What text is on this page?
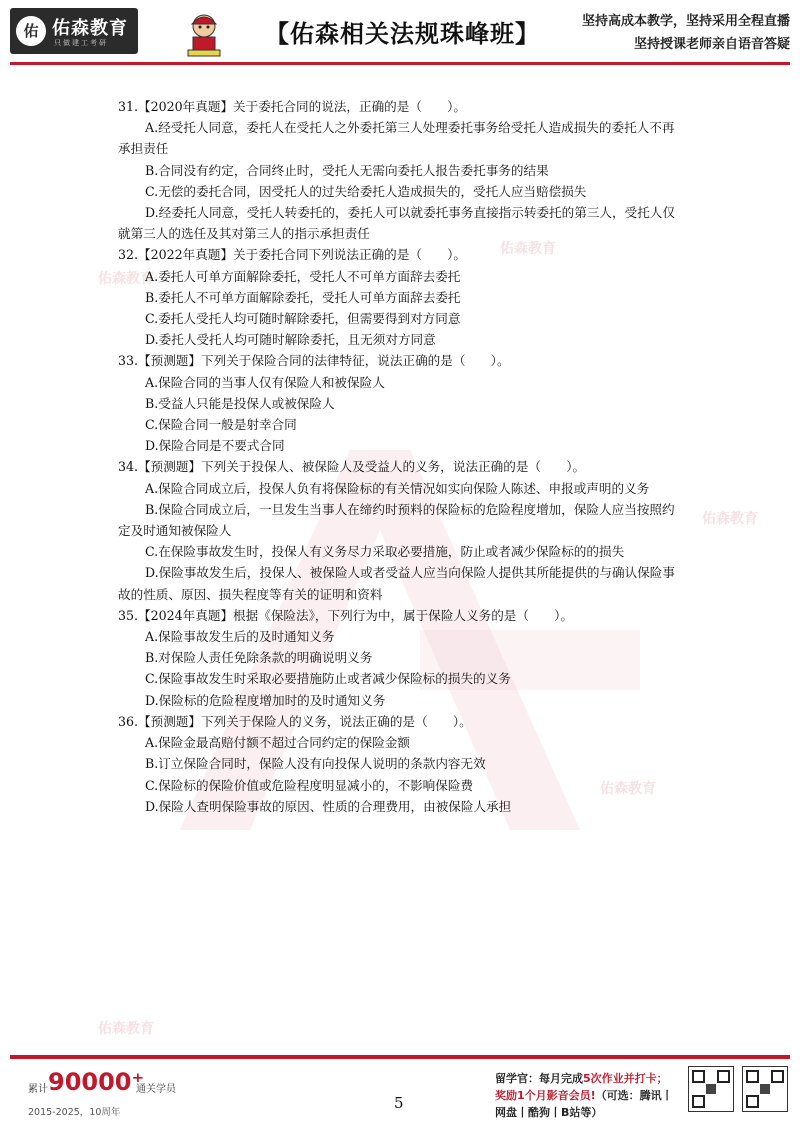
佑 佑森教育
只做建工考研	【佑森相关法规珠峰班】	坚持高成本教学，坚持采用全程直播
坚持授课老师亲自语音答疑
佑森教育
佑森教育
佑森教育
佑森教育
佑森教育

31.【2020年真题】关于委托合同的说法，正确的是（　　）。

A.经受托人同意，委托人在受托人之外委托第三人处理委托事务给受托人造成损失的委托人不再承担责任

B.合同没有约定，合同终止时，受托人无需向委托人报告委托事务的结果

C.无偿的委托合同，因受托人的过失给委托人造成损失的，受托人应当赔偿损失

D.经委托人同意，受托人转委托的，委托人可以就委托事务直接指示转委托的第三人，受托人仅就第三人的选任及其对第三人的指示承担责任

32.【2022年真题】关于委托合同下列说法正确的是（　　）。

A.委托人可单方面解除委托，受托人不可单方面辞去委托

B.委托人不可单方面解除委托，受托人可单方面辞去委托

C.委托人受托人均可随时解除委托，但需要得到对方同意

D.委托人受托人均可随时解除委托，且无须对方同意

33.【预测题】下列关于保险合同的法律特征，说法正确的是（　　）。

A.保险合同的当事人仅有保险人和被保险人

B.受益人只能是投保人或被保险人

C.保险合同一般是射幸合同

D.保险合同是不要式合同

34.【预测题】下列关于投保人、被保险人及受益人的义务，说法正确的是（　　）。

A.保险合同成立后，投保人负有将保险标的有关情况如实向保险人陈述、申报或声明的义务

B.保险合同成立后，一旦发生当事人在缔约时预料的保险标的危险程度增加，保险人应当按照约定及时通知被保险人

C.在保险事故发生时，投保人有义务尽力采取必要措施，防止或者减少保险标的的损失

D.保险事故发生后，投保人、被保险人或者受益人应当向保险人提供其所能提供的与确认保险事故的性质、原因、损失程度等有关的证明和资料

35.【2024年真题】根据《保险法》，下列行为中，属于保险人义务的是（　　）。

A.保险事故发生后的及时通知义务

B.对保险人责任免除条款的明确说明义务

C.保险事故发生时采取必要措施防止或者减少保险标的损失的义务

D.保险标的危险程度增加时的及时通知义务

36.【预测题】下列关于保险人的义务，说法正确的是（　　）。

A.保险金最高赔付额不超过合同约定的保险金额

B.订立保险合同时，保险人没有向投保人说明的条款内容无效

C.保险标的保险价值或危险程度明显减小的，不影响保险费

D.保险人查明保险事故的原因、性质的合理费用，由被保险人承担

累计 90000⁺
通关学员
2015-2025，10周年
5
留学官：每月完成5次作业并打卡；
奖励1个月影音会员!（可选：腾讯丨
网盘丨酷狗丨B站等）
